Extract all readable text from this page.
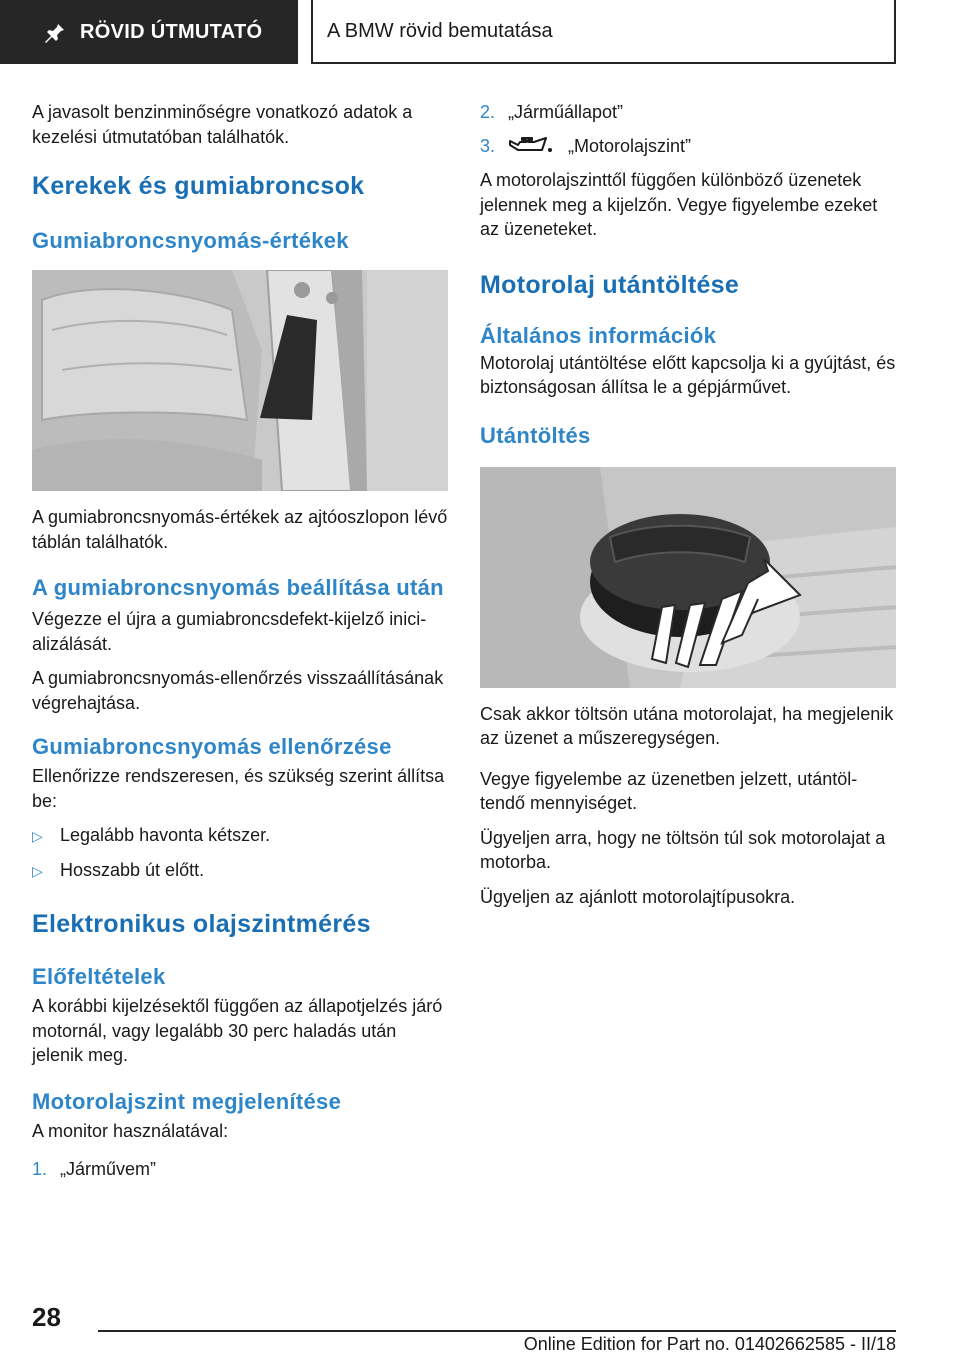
RÖVID ÚTMUTATÓ	A BMW rövid bemutatása

A javasolt benzinminőségre vonatkozó adatok a kezelési útmutatóban találhatók.

Kerekek és gumiabroncsok
Gumiabroncsnyomás-értékek

A gumiabroncsnyomás-értékek az ajtóoszlopon lévő táblán találhatók.

A gumiabroncsnyomás beállítása után

Végezze el újra a gumiabroncsdefekt-kijelző inicializálását.

A gumiabroncsnyomás-ellenőrzés visszaállításának végrehajtása.

Gumiabroncsnyomás ellenőrzése

Ellenőrizze rendszeresen, és szükség szerint állítsa be:

▷ Legalább havonta kétszer.
▷ Hosszabb út előtt.
Elektronikus olajszintmérés
Előfeltételek

A korábbi kijelzésektől függően az állapotjelzés járó motornál, vagy legalább 30 perc haladás után jelenik meg.

Motorolajszint megjelenítése

A monitor használatával:

1. „Járművem”
2. „Járműállapot”
3.	„Motorolajszint”

A motorolajszinttől függően különböző üzenetek jelennek meg a kijelzőn. Vegye figyelembe ezeket az üzeneteket.

Motorolaj utántöltése
Általános információk

Motorolaj utántöltése előtt kapcsolja ki a gyújtást, és biztonságosan állítsa le a gépjárművet.

Utántöltés

Csak akkor töltsön utána motorolajat, ha megjelenik az üzenet a műszeregységen.

Vegye figyelembe az üzenetben jelzett, utántöltendő mennyiséget.

Ügyeljen arra, hogy ne töltsön túl sok motorolajat a motorba.

Ügyeljen az ajánlott motorolajtípusokra.

28
Online Edition for Part no. 01402662585 - II/18
